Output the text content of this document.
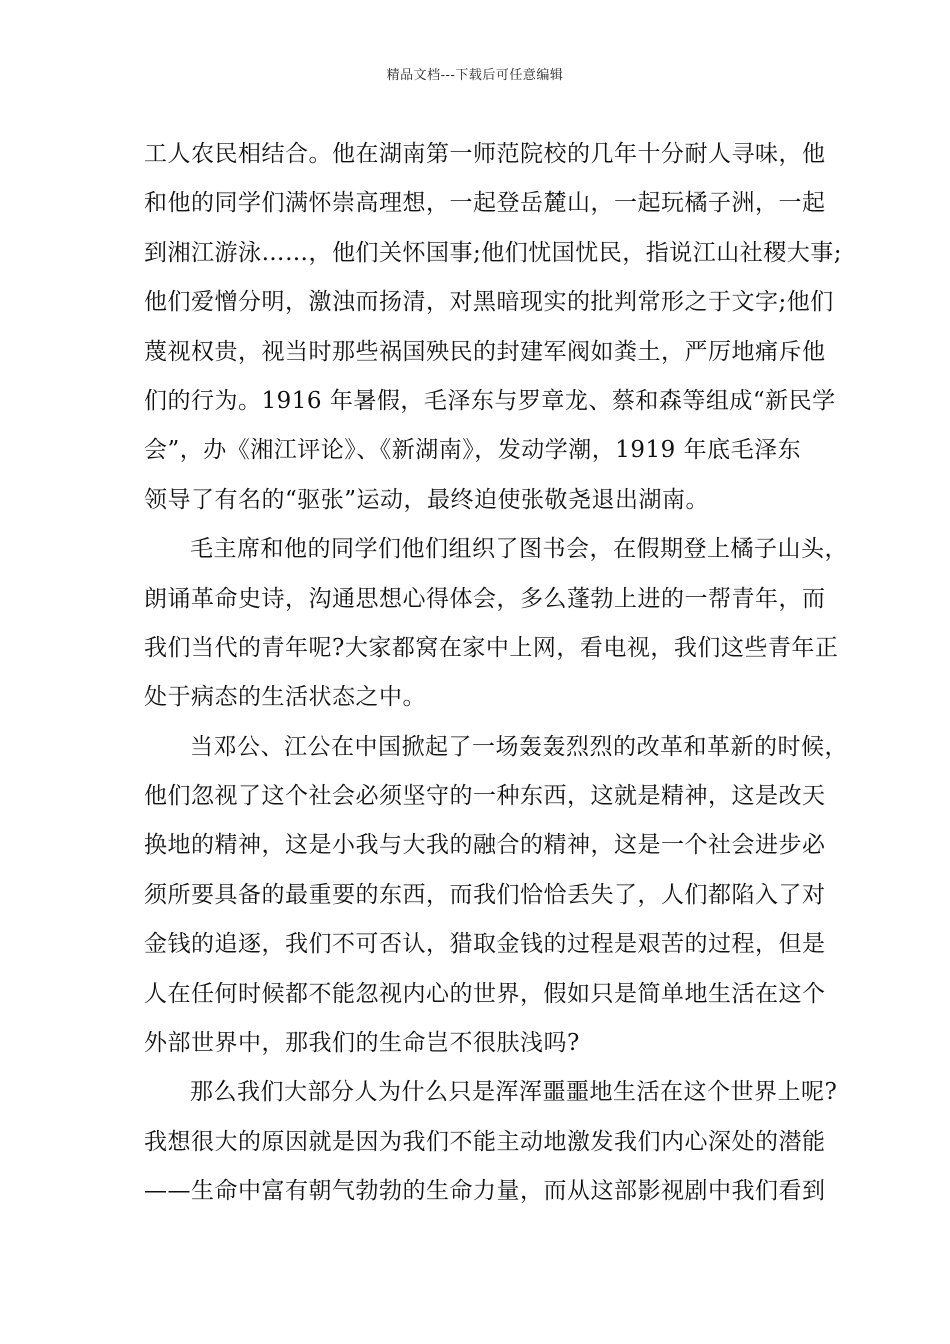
精品文档---下载后可任意编辑
工人农民相结合。他在湖南第一师范院校的几年十分耐人寻味，他
和他的同学们满怀崇高理想，一起登岳麓山，一起玩橘子洲，一起
到湘江游泳……，他们关怀国事;他们忧国忧民，指说江山社稷大事;
他们爱憎分明，激浊而扬清，对黑暗现实的批判常形之于文字;他们
蔑视权贵，视当时那些祸国殃民的封建军阀如粪土，严厉地痛斥他
们的行为。1916 年暑假，毛泽东与罗章龙、蔡和森等组成“新民学
会”，办《湘江评论》、《新湖南》，发动学潮，1919 年底毛泽东
领导了有名的“驱张”运动，最终迫使张敬尧退出湖南。
毛主席和他的同学们他们组织了图书会，在假期登上橘子山头，
朗诵革命史诗，沟通思想心得体会，多么蓬勃上进的一帮青年，而
我们当代的青年呢?大家都窝在家中上网，看电视，我们这些青年正
处于病态的生活状态之中。
当邓公、江公在中国掀起了一场轰轰烈烈的改革和革新的时候，
他们忽视了这个社会必须坚守的一种东西，这就是精神，这是改天
换地的精神，这是小我与大我的融合的精神，这是一个社会进步必
须所要具备的最重要的东西，而我们恰恰丢失了，人们都陷入了对
金钱的追逐，我们不可否认，猎取金钱的过程是艰苦的过程，但是
人在任何时候都不能忽视内心的世界，假如只是简单地生活在这个
外部世界中，那我们的生命岂不很肤浅吗?
那么我们大部分人为什么只是浑浑噩噩地生活在这个世界上呢?
我想很大的原因就是因为我们不能主动地激发我们内心深处的潜能
——生命中富有朝气勃勃的生命力量，而从这部影视剧中我们看到
